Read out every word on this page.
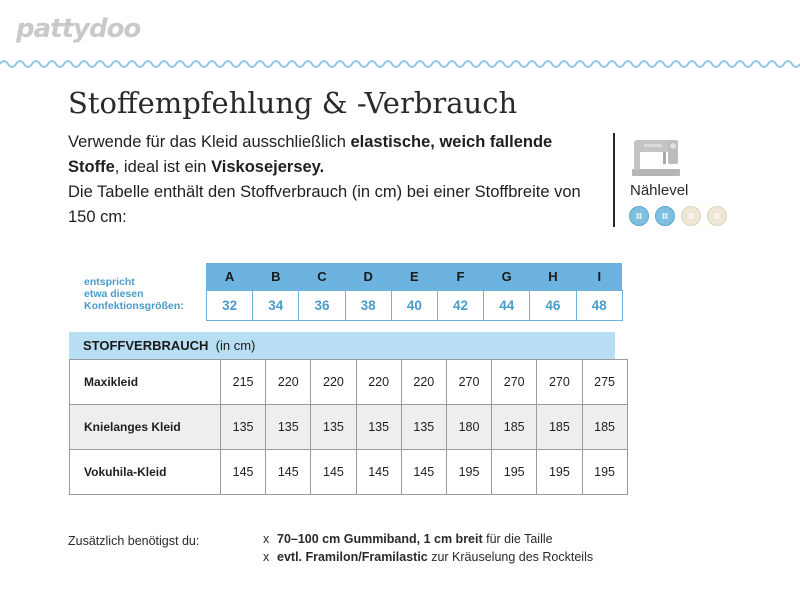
pattydoo
Stoffempfehlung & -Verbrauch

Verwende für das Kleid ausschließlich elastische, weich fallende Stoffe, ideal ist ein Viskosejersey.

Die Tabelle enthält den Stoffverbrauch (in cm) bei einer Stoffbreite von 150 cm:

Nählevel
entspricht
etwa diesen
Konfektionsgrößen:
A	B	C	D	E	F	G	H	I
32	34	36	38	40	42	44	46	48
STOFFVERBRAUCH (in cm)
Maxikleid	215	220	220	220	220	270	270	270	275
Knielanges Kleid	135	135	135	135	135	180	185	185	185
Vokuhila-Kleid	145	145	145	145	145	195	195	195	195
Zusätzlich benötigst du:	x 70–100 cm Gummiband, 1 cm breit für die Taille
x evtl. Framilon/Framilastic zur Kräuselung des Rockteils
